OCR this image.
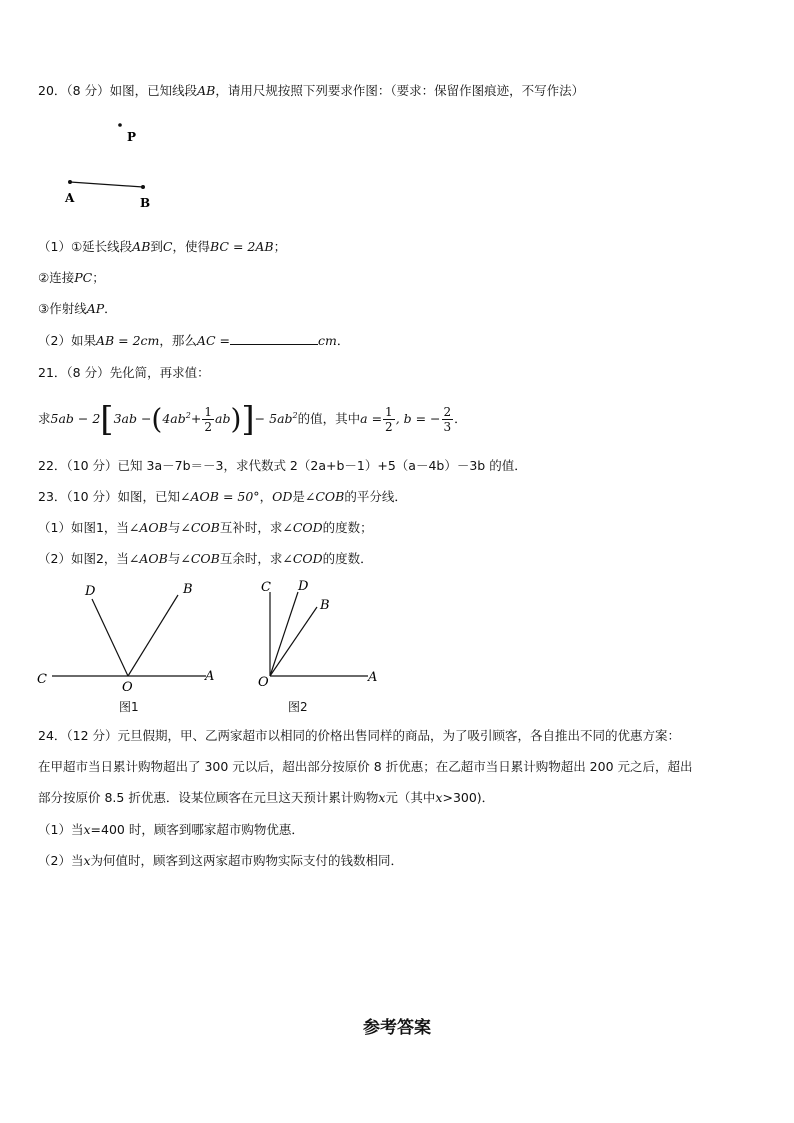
20．（8 分）如图，已知线段AB，请用尺规按照下列要求作图：（要求：保留作图痕迹，不写作法）
P
A	B
（1）①延长线段AB到C，使得BC = 2AB；
②连接PC；
③作射线AP．
（2）如果AB = 2cm，那么AC =	cm．
21．（8 分）先化简，再求值：
求$5ab - 2[3ab -(4ab^2+ \frac{1}{2} ab)]- 5ab^2$的值，其中$a = \frac{1}{2}$ , b = − $\frac{2}{3}$ ．
22．（10 分）已知 3a－7b＝－3，求代数式 2（2a+b－1）+5（a－4b）－3b 的值．
23．（10 分）如图，已知∠AOB = 50°，OD是∠COB的平分线．
（1）如图1，当∠AOB与∠COB互补时，求∠COD的度数；
（2）如图2，当∠AOB与∠COB互余时，求∠COD的度数．
D	B
C
O
A
图1
C D
B
O	A
图2
24．（12 分）元旦假期，甲、乙两家超市以相同的价格出售同样的商品，为了吸引顾客，各自推出不同的优惠方案：
在甲超市当日累计购物超出了 300 元以后，超出部分按原价 8 折优惠；在乙超市当日累计购物超出 200 元之后，超出
部分按原价 8.5 折优惠．设某位顾客在元旦这天预计累计购物x元（其中x>300)．
（1）当x=400 时，顾客到哪家超市购物优惠．
（2）当x为何值时，顾客到这两家超市购物实际支付的钱数相同．
参考答案
